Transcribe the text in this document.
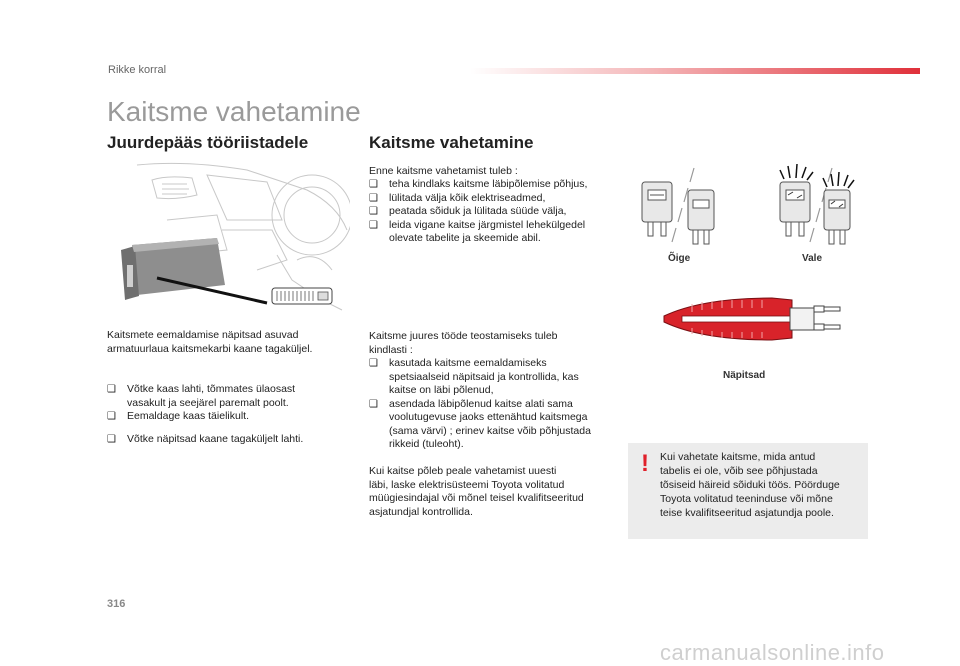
Rikke korral
Kaitsme vahetamine
Juurdepääs tööriistadele
Kaitsmete eemaldamise näpitsad asuvad
armatuurlaua kaitsmekarbi kaane tagaküljel.
❑ Võtke kaas lahti, tõmmates ülaosast
vasakult ja seejärel paremalt poolt.
❑ Eemaldage kaas täielikult.
❑ Võtke näpitsad kaane tagaküljelt lahti.
Kaitsme vahetamine
Enne kaitsme vahetamist tuleb :
❑ teha kindlaks kaitsme läbipõlemise põhjus,
❑ lülitada välja kõik elektriseadmed,
❑ peatada sõiduk ja lülitada süüde välja,
❑ leida vigane kaitse järgmistel lehekülgedel
olevate tabelite ja skeemide abil.
Kaitsme juures tööde teostamiseks tuleb
kindlasti :
❑ kasutada kaitsme eemaldamiseks
spetsiaalseid näpitsaid ja kontrollida, kas
kaitse on läbi põlenud,
❑ asendada läbipõlenud kaitse alati sama
voolutugevuse jaoks ettenähtud kaitsmega
(sama värvi) ; erinev kaitse võib põhjustada
rikkeid (tuleoht).
Kui kaitse põleb peale vahetamist uuesti
läbi, laske elektrisüsteemi Toyota volitatud
müügiesindajal või mõnel teisel kvalifitseeritud
asjatundjal kontrollida.
Õige	Vale
Näpitsad
! Kui vahetate kaitsme, mida antud
tabelis ei ole, võib see põhjustada
tõsiseid häireid sõiduki töös. Pöörduge
Toyota volitatud teeninduse või mõne
teise kvalifitseeritud asjatundja poole.
316
carmanualsonline.info
